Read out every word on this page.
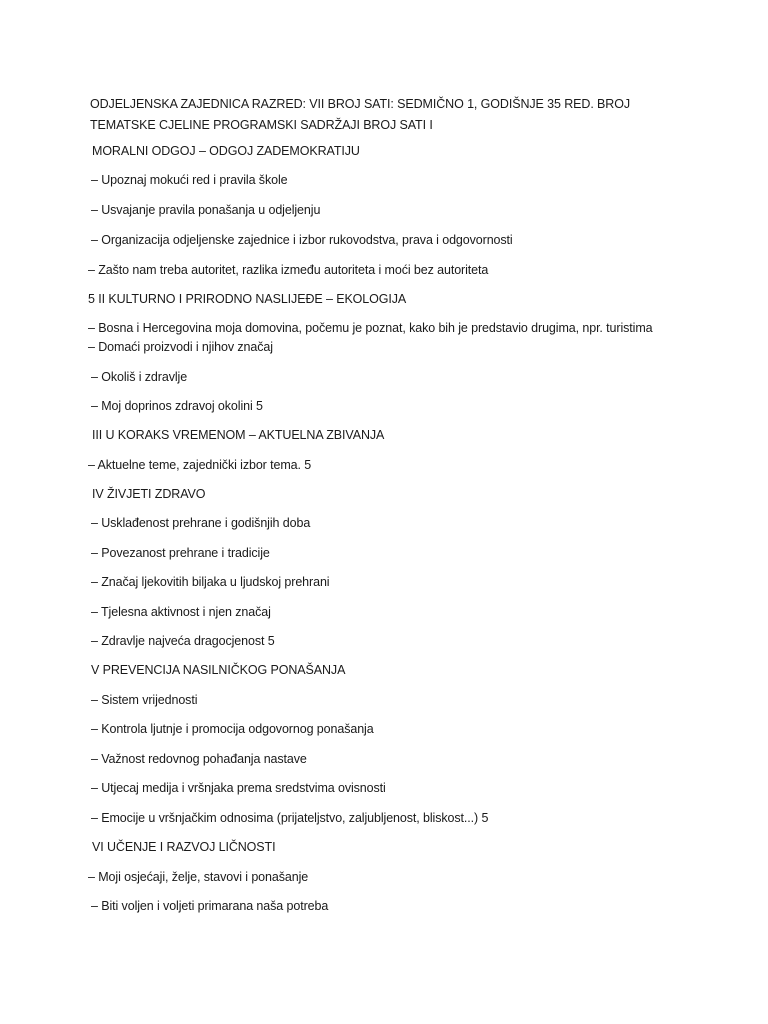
ODJELJENSKA ZAJEDNICA RAZRED: VII BROJ SATI: SEDMIČNO 1, GODIŠNJE 35 RED. BROJ TEMATSKE CJELINE PROGRAMSKI SADRŽAJI BROJ SATI I
MORALNI ODGOJ – ODGOJ ZADEMOKRATIJU
– Upoznaj mokući red i pravila škole
– Usvajanje pravila ponašanja u odjeljenju
– Organizacija odjeljenske zajednice i izbor rukovodstva, prava i odgovornosti
– Zašto nam treba autoritet, razlika između autoriteta i moći bez autoriteta
5 II KULTURNO I PRIRODNO NASLIJEĐE – EKOLOGIJA
– Bosna i Hercegovina moja domovina, počemu je poznat, kako bih je predstavio drugima, npr. turistima
– Domaći proizvodi i njihov značaj
– Okoliš i zdravlje
– Moj doprinos zdravoj okolini 5
III U KORAKS VREMENOM – AKTUELNA ZBIVANJA
– Aktuelne teme, zajednički izbor tema. 5
IV ŽIVJETI ZDRAVO
– Usklađenost prehrane i godišnjih doba
– Povezanost prehrane i tradicije
– Značaj ljekovitih biljaka u ljudskoj prehrani
– Tjelesna aktivnost i njen značaj
– Zdravlje najveća dragocjenost 5
V PREVENCIJA NASILNIČKOG PONAŠANJA
– Sistem vrijednosti
– Kontrola ljutnje i promocija odgovornog ponašanja
– Važnost redovnog pohađanja nastave
– Utjecaj medija i vršnjaka prema sredstvima ovisnosti
– Emocije u vršnjačkim odnosima (prijateljstvo, zaljubljenost, bliskost...) 5
VI UČENJE I RAZVOJ LIČNOSTI
– Moji osjećaji, želje, stavovi i ponašanje
– Biti voljen i voljeti primarana naša potreba
